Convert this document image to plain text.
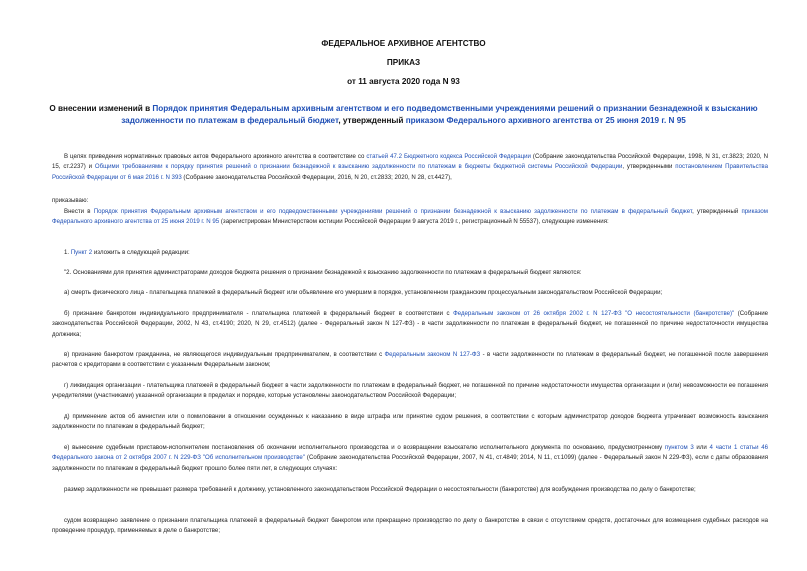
ФЕДЕРАЛЬНОЕ АРХИВНОЕ АГЕНТСТВО
ПРИКАЗ
от 11 августа 2020 года N 93
О внесении изменений в Порядок принятия Федеральным архивным агентством и его подведомственными учреждениями решений о признании безнадежной к взысканию задолженности по платежам в федеральный бюджет, утвержденный приказом Федерального архивного агентства от 25 июня 2019 г. N 95
В целях приведения нормативных правовых актов Федерального архивного агентства в соответствие со статьей 47.2 Бюджетного кодекса Российской Федерации (Собрание законодательства Российской Федерации, 1998, N 31, ст.3823; 2020, N 15, ст.2237) и Общими требованиями к порядку принятия решений о признании безнадежной к взысканию задолженности по платежам в бюджеты бюджетной системы Российской Федерации, утвержденными постановлением Правительства Российской Федерации от 6 мая 2016 г. N 393 (Собрание законодательства Российской Федерации, 2016, N 20, ст.2833; 2020, N 28, ст.4427),
приказываю:
Внести в Порядок принятия Федеральным архивным агентством и его подведомственными учреждениями решений о признании безнадежной к взысканию задолженности по платежам в федеральный бюджет, утвержденный приказом Федерального архивного агентства от 25 июня 2019 г. N 95 (зарегистрирован Министерством юстиции Российской Федерации 9 августа 2019 г., регистрационный N 55537), следующие изменения:
1. Пункт 2 изложить в следующей редакции:
"2. Основаниями для принятия администраторами доходов бюджета решения о признании безнадежной к взысканию задолженности по платежам в федеральный бюджет являются:
а) смерть физического лица - плательщика платежей в федеральный бюджет или объявление его умершим в порядке, установленном гражданским процессуальным законодательством Российской Федерации;
б) признание банкротом индивидуального предпринимателя - плательщика платежей в федеральный бюджет в соответствии с Федеральным законом от 26 октября 2002 г. N 127-ФЗ "О несостоятельности (банкротстве)" (Собрание законодательства Российской Федерации, 2002, N 43, ст.4190; 2020, N 29, ст.4512) (далее - Федеральный закон N 127-ФЗ) - в части задолженности по платежам в федеральный бюджет, не погашенной по причине недостаточности имущества должника;
в) признание банкротом гражданина, не являющегося индивидуальным предпринимателем, в соответствии с Федеральным законом N 127-ФЗ - в части задолженности по платежам в федеральный бюджет, не погашенной после завершения расчетов с кредиторами в соответствии с указанным Федеральным законом;
г) ликвидация организации - плательщика платежей в федеральный бюджет в части задолженности по платежам в федеральный бюджет, не погашенной по причине недостаточности имущества организации и (или) невозможности ее погашения учредителями (участниками) указанной организации в пределах и порядке, которые установлены законодательством Российской Федерации;
д) применение актов об амнистии или о помиловании в отношении осужденных к наказанию в виде штрафа или принятие судом решения, в соответствии с которым администратор доходов бюджета утрачивает возможность взыскания задолженности по платежам в федеральный бюджет;
е) вынесение судебным приставом-исполнителем постановления об окончании исполнительного производства и о возвращении взыскателю исполнительного документа по основанию, предусмотренному пунктом 3 или 4 части 1 статьи 46 Федерального закона от 2 октября 2007 г. N 229-ФЗ "Об исполнительном производстве" (Собрание законодательства Российской Федерации, 2007, N 41, ст.4849; 2014, N 11, ст.1099) (далее - Федеральный закон N 229-ФЗ), если с даты образования задолженности по платежам в федеральный бюджет прошло более пяти лет, в следующих случаях:
размер задолженности не превышает размера требований к должнику, установленного законодательством Российской Федерации о несостоятельности (банкротстве) для возбуждения производства по делу о банкротстве;
судом возвращено заявление о признании плательщика платежей в федеральный бюджет банкротом или прекращено производство по делу о банкротстве в связи с отсутствием средств, достаточных для возмещения судебных расходов на проведение процедур, применяемых в деле о банкротстве;
